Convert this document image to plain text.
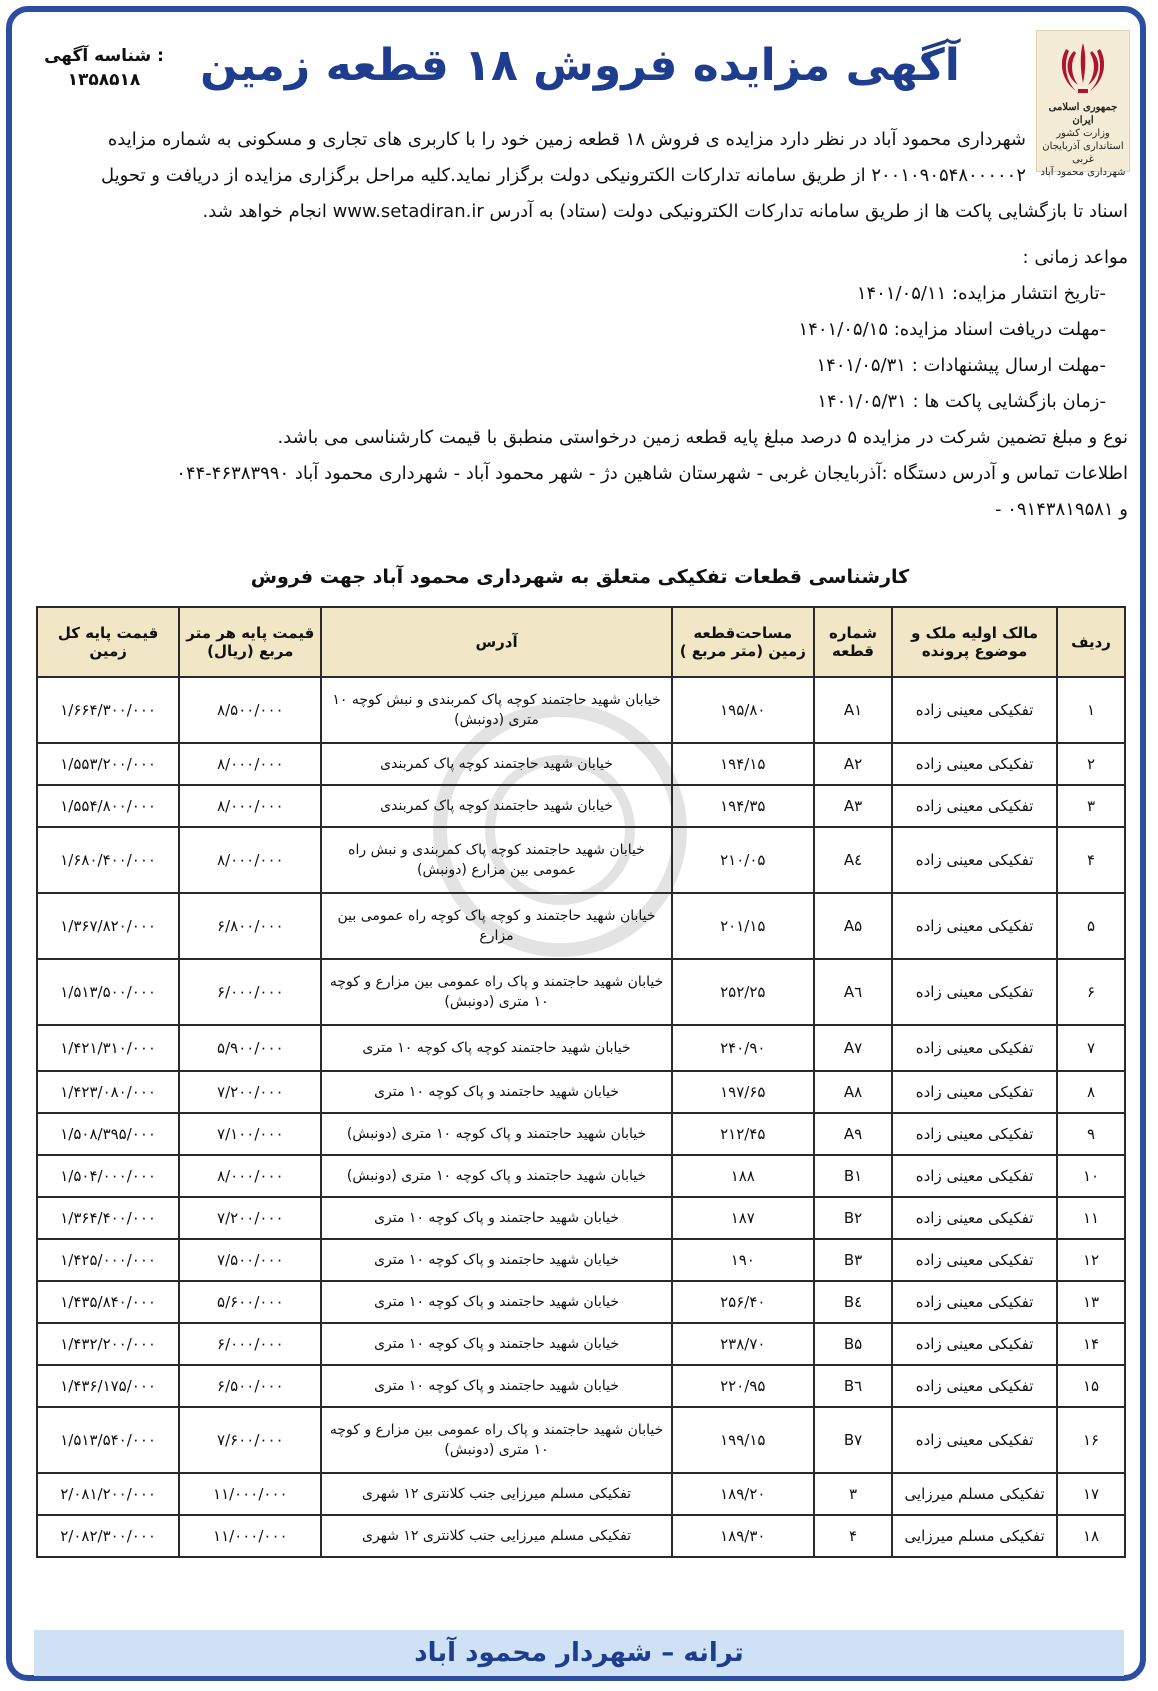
جمهوری اسلامی ایران
وزارت کشور
استانداری آذربایجان غربی
شهرداری محمود آباد
آگهی مزایده فروش ۱۸ قطعه زمین
شناسه آگهی :
۱۳۵۸۵۱۸
شهرداری محمود آباد در نظر دارد مزایده ی فروش ۱۸ قطعه زمین خود را با کاربری های تجاری و مسکونی به شماره مزایده
۲۰۰۱۰۹۰۵۴۸۰۰۰۰۰۲ از طریق سامانه تدارکات الکترونیکی دولت برگزار نماید.کلیه مراحل برگزاری مزایده از دریافت و تحویل
اسناد تا بازگشایی پاکت ها از طریق سامانه تدارکات الکترونیکی دولت (ستاد) به آدرس www.setadiran.ir انجام خواهد شد.
مواعد زمانی :
-تاریخ انتشار مزایده: ۱۴۰۱/۰۵/۱۱
-مهلت دریافت اسناد مزایده: ۱۴۰۱/۰۵/۱۵
-مهلت ارسال پیشنهادات : ۱۴۰۱/۰۵/۳۱
-زمان بازگشایی پاکت ها : ۱۴۰۱/۰۵/۳۱
نوع و مبلغ تضمین شرکت در مزایده ۵ درصد مبلغ پایه قطعه زمین درخواستی منطبق با قیمت کارشناسی می باشد.
اطلاعات تماس و آدرس دستگاه :آذربایجان غربی - شهرستان شاهین دژ - شهر محمود آباد - شهرداری محمود آباد ۴۶۳۸۳۹۹۰-۰۴۴
و ۰۹۱۴۳۸۱۹۵۸۱ -
کارشناسی قطعات تفکیکی متعلق به شهرداری محمود آباد جهت فروش
ردیف	مالک اولیه ملک و موضوع پرونده	شماره قطعه	مساحت‌قطعه زمین (متر مربع )	آدرس	قیمت پایه هر متر مربع (ریال)	قیمت پایه کل زمین
۱	تفکیکی معینی زاده	A۱	۱۹۵/۸۰	خیابان شهید حاجتمند کوچه پاک کمربندی و نبش کوچه ۱۰ متری (دونبش)	۸/۵۰۰/۰۰۰	۱/۶۶۴/۳۰۰/۰۰۰
۲	تفکیکی معینی زاده	A۲	۱۹۴/۱۵	خیابان شهید حاجتمند کوچه پاک کمربندی	۸/۰۰۰/۰۰۰	۱/۵۵۳/۲۰۰/۰۰۰
۳	تفکیکی معینی زاده	A۳	۱۹۴/۳۵	خیابان شهید حاجتمند کوچه پاک کمربندی	۸/۰۰۰/۰۰۰	۱/۵۵۴/۸۰۰/۰۰۰
۴	تفکیکی معینی زاده	A٤	۲۱۰/۰۵	خیابان شهید حاجتمند کوچه پاک کمربندی و نبش راه عمومی بین مزارع (دونبش)	۸/۰۰۰/۰۰۰	۱/۶۸۰/۴۰۰/۰۰۰
۵	تفکیکی معینی زاده	A۵	۲۰۱/۱۵	خیابان شهید حاجتمند و کوچه پاک کوچه راه عمومی بین مزارع	۶/۸۰۰/۰۰۰	۱/۳۶۷/۸۲۰/۰۰۰
۶	تفکیکی معینی زاده	A٦	۲۵۲/۲۵	خیابان شهید حاجتمند و پاک راه عمومی بین مزارع و کوچه ۱۰ متری (دونبش)	۶/۰۰۰/۰۰۰	۱/۵۱۳/۵۰۰/۰۰۰
۷	تفکیکی معینی زاده	A۷	۲۴۰/۹۰	خیابان شهید حاجتمند کوچه پاک کوچه ۱۰ متری	۵/۹۰۰/۰۰۰	۱/۴۲۱/۳۱۰/۰۰۰
۸	تفکیکی معینی زاده	A۸	۱۹۷/۶۵	خیابان شهید حاجتمند و پاک کوچه ۱۰ متری	۷/۲۰۰/۰۰۰	۱/۴۲۳/۰۸۰/۰۰۰
۹	تفکیکی معینی زاده	A۹	۲۱۲/۴۵	خیابان شهید حاجتمند و پاک کوچه ۱۰ متری (دونبش)	۷/۱۰۰/۰۰۰	۱/۵۰۸/۳۹۵/۰۰۰
۱۰	تفکیکی معینی زاده	B۱	۱۸۸	خیابان شهید حاجتمند و پاک کوچه ۱۰ متری (دونبش)	۸/۰۰۰/۰۰۰	۱/۵۰۴/۰۰۰/۰۰۰
۱۱	تفکیکی معینی زاده	B۲	۱۸۷	خیابان شهید حاجتمند و پاک کوچه ۱۰ متری	۷/۲۰۰/۰۰۰	۱/۳۶۴/۴۰۰/۰۰۰
۱۲	تفکیکی معینی زاده	B۳	۱۹۰	خیابان شهید حاجتمند و پاک کوچه ۱۰ متری	۷/۵۰۰/۰۰۰	۱/۴۲۵/۰۰۰/۰۰۰
۱۳	تفکیکی معینی زاده	B٤	۲۵۶/۴۰	خیابان شهید حاجتمند و پاک کوچه ۱۰ متری	۵/۶۰۰/۰۰۰	۱/۴۳۵/۸۴۰/۰۰۰
۱۴	تفکیکی معینی زاده	B۵	۲۳۸/۷۰	خیابان شهید حاجتمند و پاک کوچه ۱۰ متری	۶/۰۰۰/۰۰۰	۱/۴۳۲/۲۰۰/۰۰۰
۱۵	تفکیکی معینی زاده	B٦	۲۲۰/۹۵	خیابان شهید حاجتمند و پاک کوچه ۱۰ متری	۶/۵۰۰/۰۰۰	۱/۴۳۶/۱۷۵/۰۰۰
۱۶	تفکیکی معینی زاده	B۷	۱۹۹/۱۵	خیابان شهید حاجتمند و پاک راه عمومی بین مزارع و کوچه ۱۰ متری (دونبش)	۷/۶۰۰/۰۰۰	۱/۵۱۳/۵۴۰/۰۰۰
۱۷	تفکیکی مسلم میرزایی	۳	۱۸۹/۲۰	تفکیکی مسلم میرزایی جنب کلانتری ۱۲ شهری	۱۱/۰۰۰/۰۰۰	۲/۰۸۱/۲۰۰/۰۰۰
۱۸	تفکیکی مسلم میرزایی	۴	۱۸۹/۳۰	تفکیکی مسلم میرزایی جنب کلانتری ۱۲ شهری	۱۱/۰۰۰/۰۰۰	۲/۰۸۲/۳۰۰/۰۰۰
ترانه – شهردار محمود آباد
